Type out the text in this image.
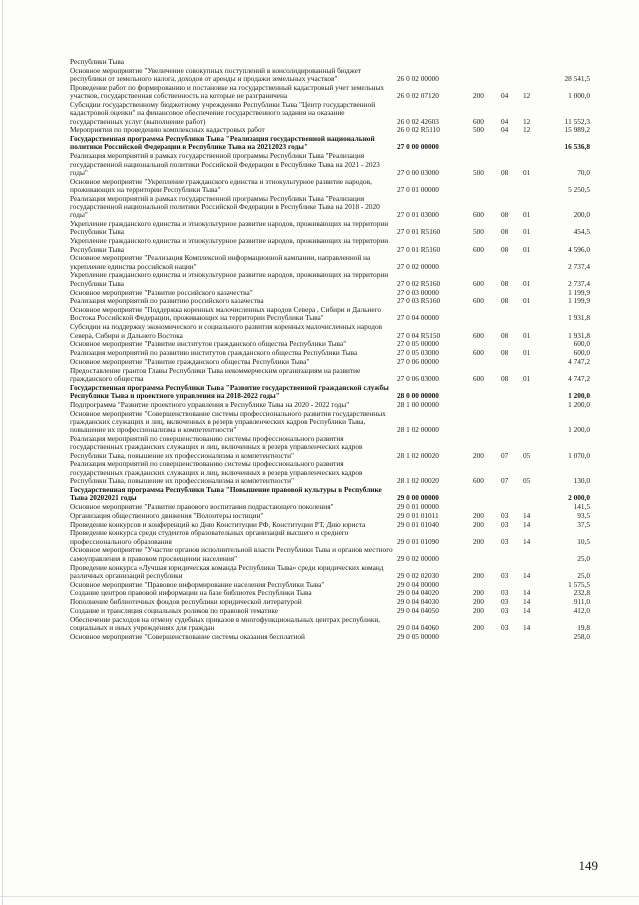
Республики Тыва
Основное мероприятие "Увеличение совокупных поступлений в консолидированный бюджет республики от земельного налога, доходов от аренды и продажи земельных участков"	26 0 02 00000	28 541,5
Проведение работ по формированию и постановке на государственный кадастровый учет земельных участков, государственная собственность на которые не разграничена	26 0 02 07120	200	04	12	1 000,0
Субсидии государственному бюджетному учреждению Республики Тыва "Центр государственной кадастровой оценки" на финансовое обеспечение государственного задания на оказание государственных услуг (выполнение работ)	26 0 02 42603	600	04	12	11 552,3
Мероприятия по проведению комплексных кадастровых работ	26 0 02 R5110	500	04	12	15 989,2
Государственная программа Республики Тыва "Реализация государственной национальной политики Российской Федерации в Республике Тыва на 20212023 годы"	27 0 00 00000	16 536,8
Реализация мероприятий в рамках государственной программы Республики Тыва "Реализация государственной национальной политики Российской Федерации в Республике Тыва на 2021 - 2023 годы"	27 0 00 03000	500	08	01	70,0
Основное мероприятие "Укрепление гражданского единства и этнокультурное развитие народов, проживающих на территории Республики Тыва"	27 0 01 00000	5 250,5
Реализация мероприятий в рамках государственной программы Республики Тыва "Реализация государственной национальной политики Российской Федерации в Республике Тыва на 2018 - 2020 годы"	27 0 01 03000	600	08	01	200,0
Укрепление гражданского единства и этнокультурное развитие народов, проживающих на территории Республики Тыва	27 0 01 R5160	500	08	01	454,5
Укрепление гражданского единства и этнокультурное развитие народов, проживающих на территории Республики Тыва	27 0 01 R5160	600	08	01	4 596,0
Основное мероприятие "Реализация Комплексной информационной кампании, направленной на укрепление единства российской нации"	27 0 02 00000	2 737,4
Укрепление гражданского единства и этнокультурное развитие народов, проживающих на территории Республики Тыва	27 0 02 R5160	600	08	01	2 737,4
Основное мероприятие "Развитие российского казачества"	27 0 03 00000	1 199,9
Реализация мероприятий по развитию российского казачества	27 0 03 R5160	600	08	01	1 199,9
Основное мероприятие "Поддержка коренных малочисленных народов Севера , Сибири и Дальнего Востока Российской Федерации, проживающих на территории Республики Тыва"	27 0 04 00000	1 931,8
Субсидии на поддержку экономического и социального развития коренных малочисленных народов Севера, Сибири и Дальнего Востока	27 0 04 R5150	600	08	01	1 931,8
Основное мероприятие "Развитие институтов гражданского общества Республики Тыва"	27 0 05 00000	600,0
Реализация мероприятий по развитию институтов гражданского общества Республики Тыва	27 0 05 03000	600	08	01	600,0
Основное мероприятие "Развитие гражданского общества Республики Тыва"	27 0 06 00000	4 747,2
Предоставление грантов Главы Республики Тыва некоммерческим организациям на развитие гражданского общества	27 0 06 03000	600	08	01	4 747,2
Государственная программа Республики Тыва "Развитие государственной гражданской службы Республики Тыва и проектного управления на 2018-2022 годы"	28 0 00 00000	1 200,0
Подпрограмма "Развитие проектного управления в Республике Тыва на 2020 - 2022 годы"	28 1 00 00000	1 200,0
Основное мероприятие "Совершенствование системы профессионального развития государственных гражданских служащих и лиц, включенных в резерв управленческих кадров Республики Тыва, повышение их профессионализма и компетентности"	28 1 02 00000	1 200,0
Реализация мероприятий по совершенствованию системы профессионального развития государственных гражданских служащих и лиц, включенных в резерв управленческих кадров Республики Тыва, повышение их профессионализма и компетентности"	28 1 02 00020	200	07	05	1 070,0
Реализация мероприятий по совершенствованию системы профессионального развития государственных гражданских служащих и лиц, включенных в резерв управленческих кадров Республики Тыва, повышение их профессионализма и компетентности"	28 1 02 00020	600	07	05	130,0
Государственная программа Республики Тыва "Повышение правовой культуры в Республике Тыва 20202021 годы	29 0 00 00000	2 000,0
Основное мероприятие "Развитие правового воспитания подрастающего поколения"	29 0 01 00000	141,5
Организация общественного движения "Волонтеры юстиции"	29 0 01 01011	200	03	14	93,5
Проведение конкурсов и конференций ко Дню Конституции РФ, Конституции РТ, Дню юриста	29 0 01 01040	200	03	14	37,5
Проведение конкурса среди студентов образовательных организаций высшего и среднего профессионального образования	29 0 01 01090	200	03	14	10,5
Основное мероприятие "Участие органов исполнительной власти Республики Тыва и органов местного самоуправления в правовом просвещении населения"	29 0 02 00000	25,0
Проведение конкурса «Лучшая юридическая команда Республики Тыва» среди юридических команд различных организаций республики	29 0 02 02030	200	03	14	25,0
Основное мероприятие "Правовое информирование населения Республики Тыва"	29 0 04 00000	1 575,5
Создание центров правовой информации на базе библиотек Республики Тыва	29 0 04 04020	200	03	14	232,8
Пополнение библиотечных фондов республики юридической литературой	29 0 04 04030	200	03	14	911,0
Создание и трансляция социальных роликов по правовой тематике	29 0 04 04050	200	03	14	412,0
Обеспечение расходов на отмену судебных приказов в многофункциональных центрах республики, социальных и иных учреждениях для граждан	29 0 04 04060	200	03	14	19,8
Основное мероприятие "Совершенствование системы оказания бесплатной	29 0 05 00000	258,0
149
